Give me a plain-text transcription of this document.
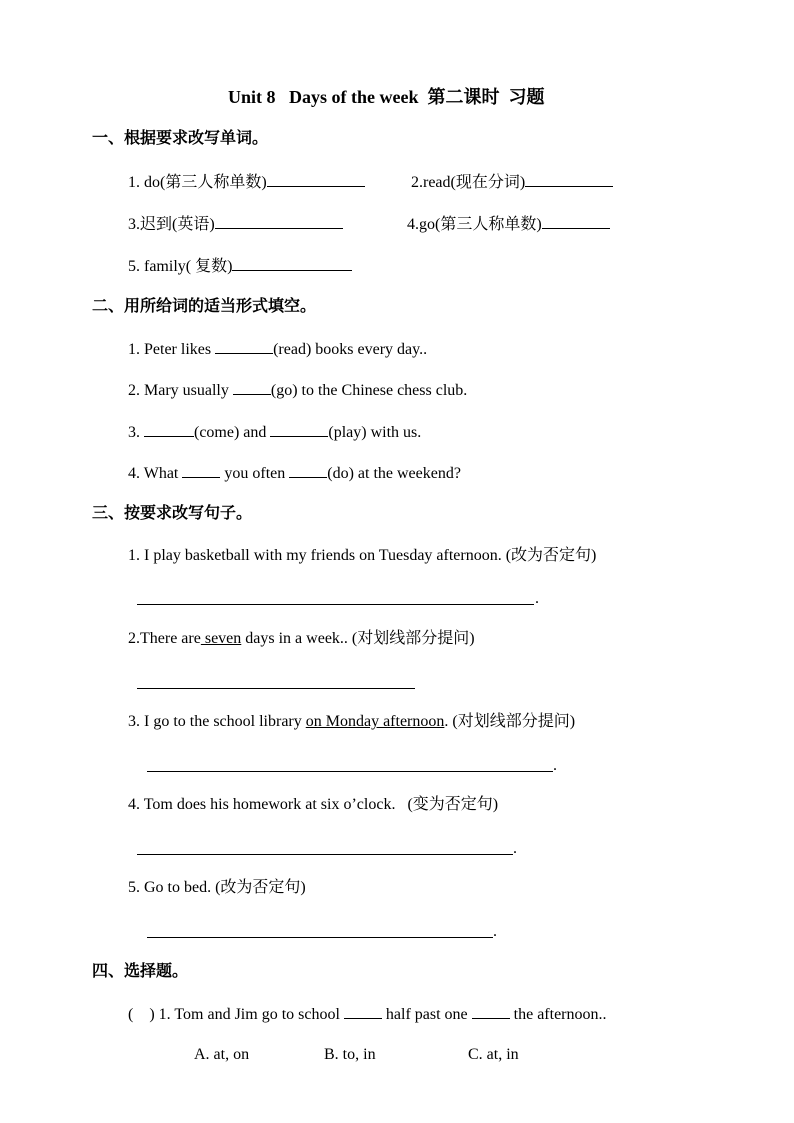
Unit 8   Days of the week  第二课时  习题
一、根据要求改写单词。
1. do(第三人称单数)	2.read(现在分词)
3.迟到(英语)	4.go(第三人称单数)
5. family( 复数)
二、用所给词的适当形式填空。
1. Peter likes	(read) books every day..
2. Mary usually (go) to the Chinese chess club.
3.	(come) and	(play) with us.
4. What  you often (do) at the weekend?
三、按要求改写句子。
1. I play basketball with my friends on Tuesday afternoon. (改为否定句)
.
2.There are seven days in a week.. (对划线部分提问)
3. I go to the school library on Monday afternoon. (对划线部分提问)
.
4. Tom does his homework at six o’clock.   (变为否定句)
.
5. Go to bed. (改为否定句)
.
四、选择题。
(    ) 1. Tom and Jim go to school  half past one  the afternoon..
A. at, on	B. to, in	C. at, in
